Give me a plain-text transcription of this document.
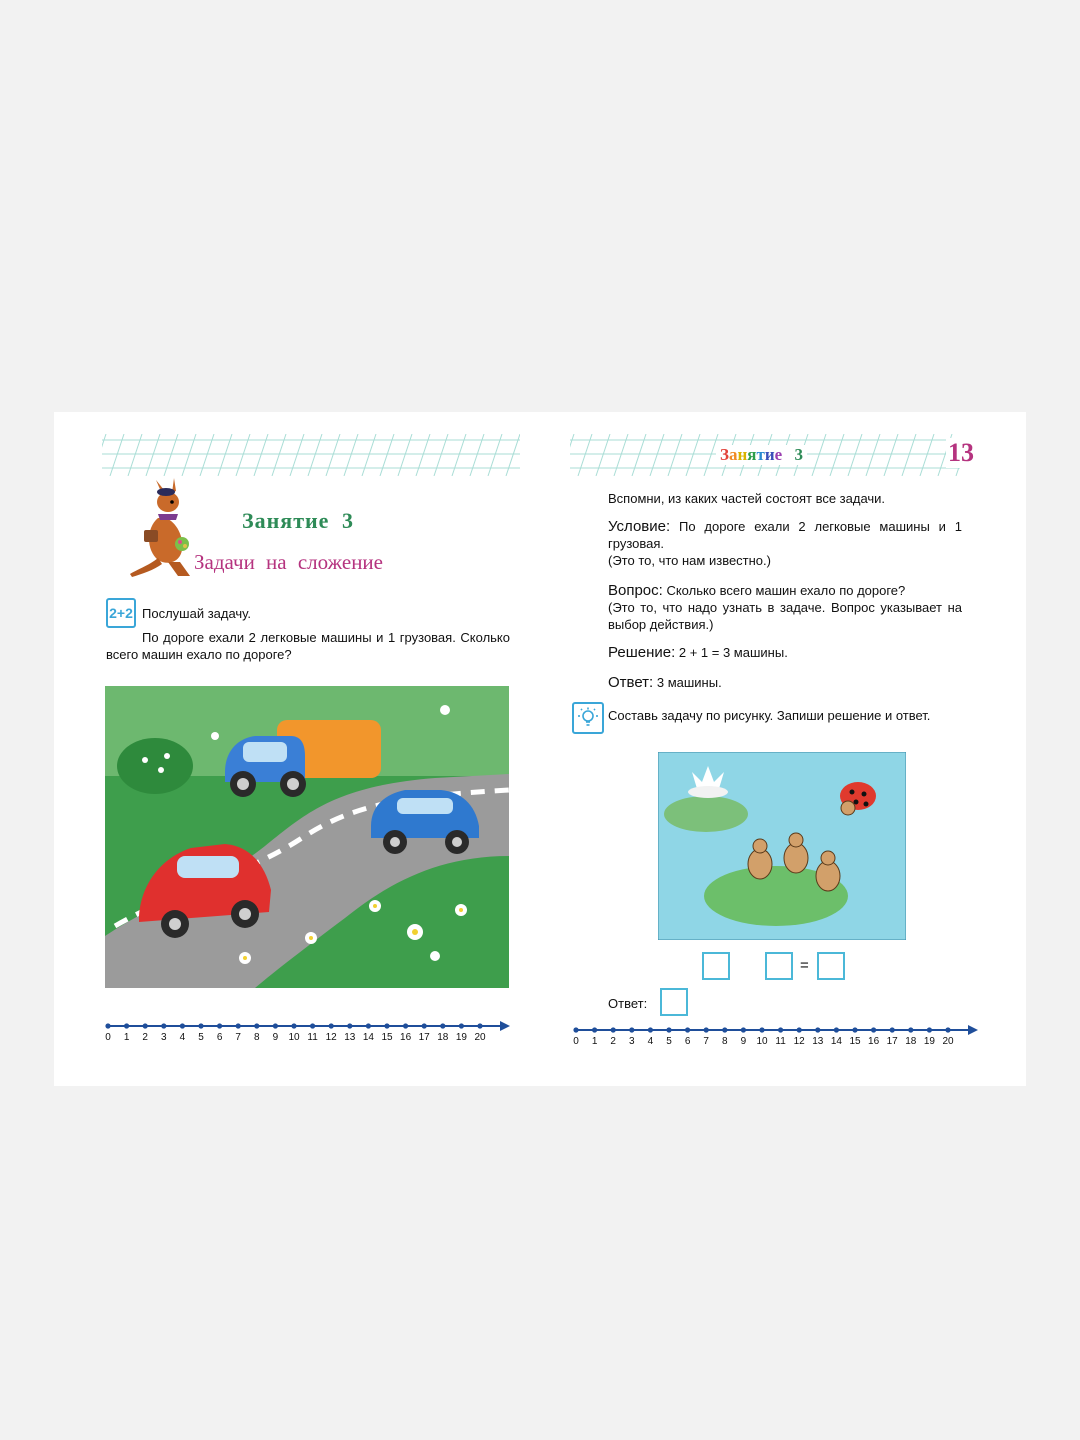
Занятие 3
Задачи на сложение
2+2 Послушай задачу.
По дороге ехали 2 легковые машины и 1 грузовая. Сколько всего машин ехало по дороге?
0 1 2 3 4 5 6 7 8 9 10 11 12 13 14 15 16 17 18 19 20
Занятие 3	13
Вспомни, из каких частей состоят все задачи.
Условие: По дороге ехали 2 легковые машины и 1 грузовая.
(Это то, что нам известно.)
Вопрос: Сколько всего машин ехало по дороге?
(Это то, что надо узнать в задаче. Вопрос указывает на выбор действия.)
Решение: 2 + 1 = 3 машины.
Ответ: 3 машины.
Составь задачу по рисунку. Запиши решение и ответ.
=
Ответ:
0 1 2 3 4 5 6 7 8 9 10 11 12 13 14 15 16 17 18 19 20
